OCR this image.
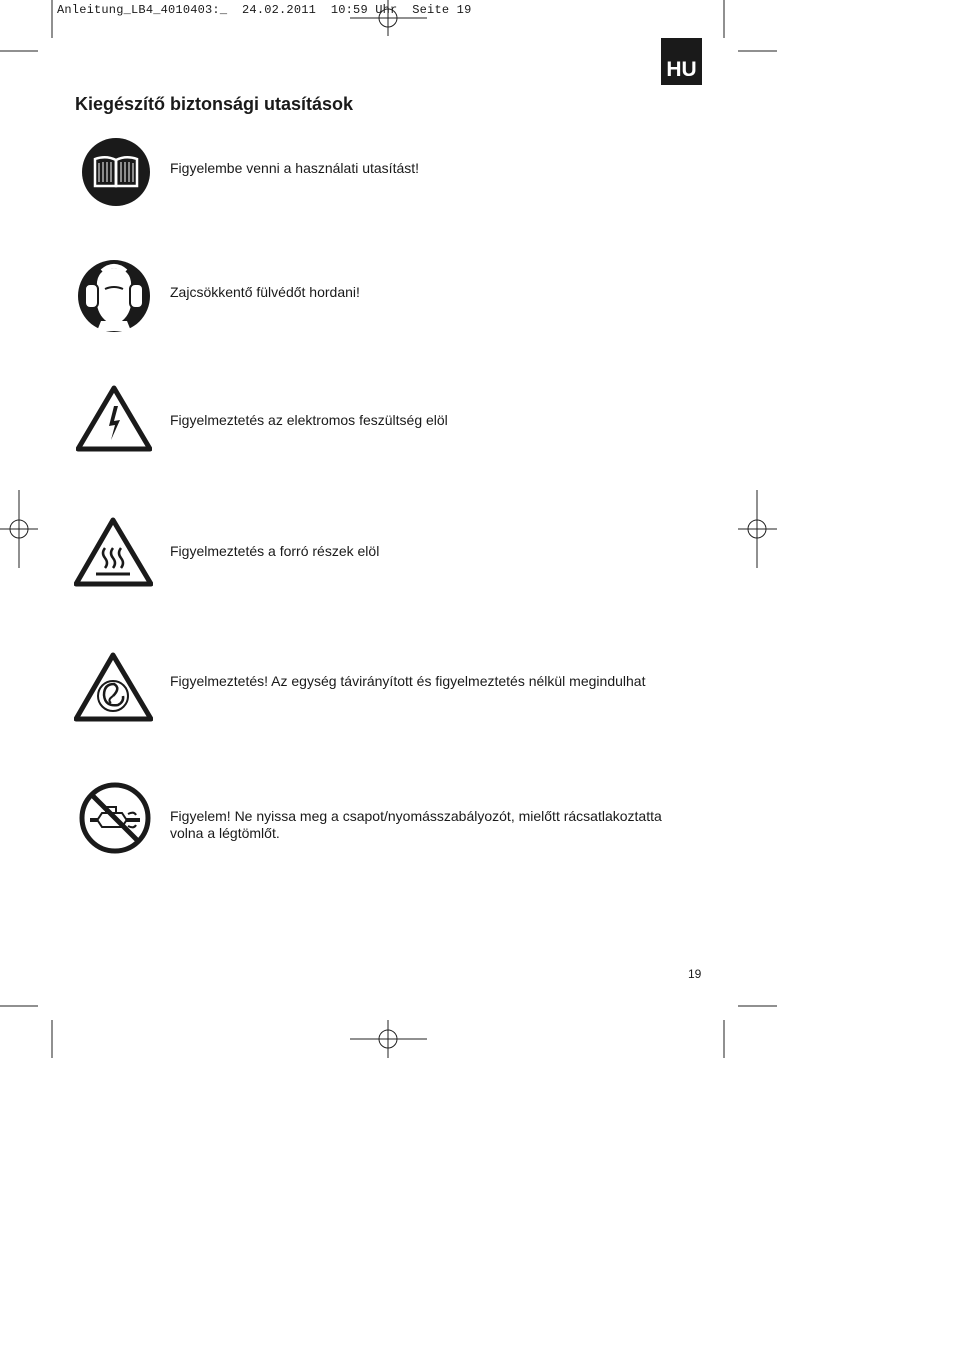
Anleitung_LB4_4010403:_  24.02.2011  10:59 Uhr  Seite 19
HU
Kiegészítő biztonsági utasítások
Figyelembe venni a használati utasítást!
Zajcsökkentő fülvédőt hordani!
Figyelmeztetés az elektromos feszültség elöl
Figyelmeztetés a forró részek elöl
Figyelmeztetés! Az egység távirányított és figyelmeztetés nélkül megindulhat
Figyelem! Ne nyissa meg a csapot/nyomásszabályozót, mielőtt rácsatlakoztatta volna a légtömlőt.
19
